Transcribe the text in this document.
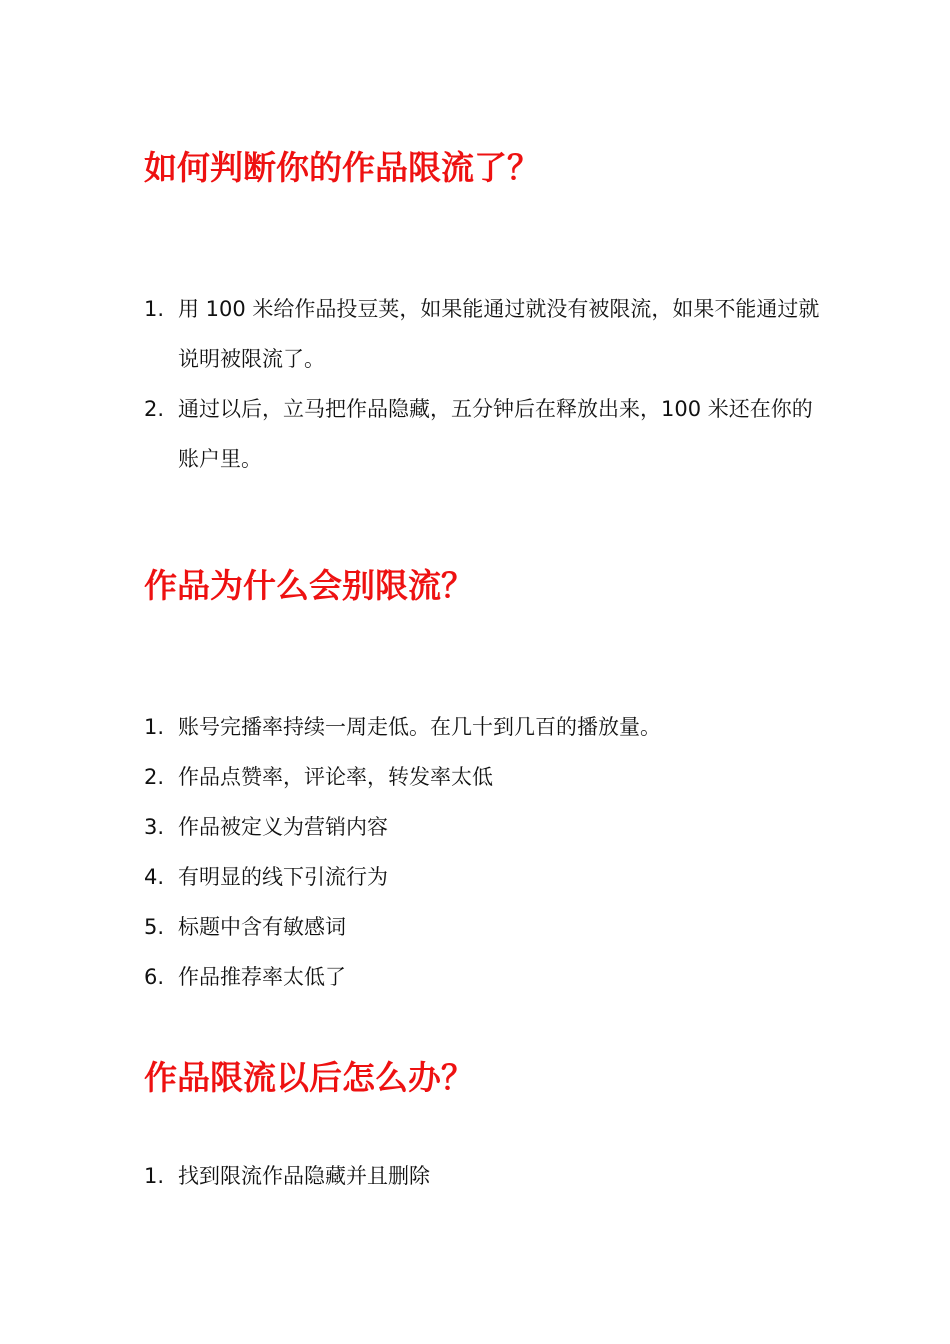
如何判断你的作品限流了？
1. 用 100 米给作品投豆荚，如果能通过就没有被限流，如果不能通过就说明被限流了。
2. 通过以后，立马把作品隐藏，五分钟后在释放出来，100 米还在你的账户里。
作品为什么会别限流？
1. 账号完播率持续一周走低。在几十到几百的播放量。
2. 作品点赞率，评论率，转发率太低
3. 作品被定义为营销内容
4. 有明显的线下引流行为
5. 标题中含有敏感词
6. 作品推荐率太低了
作品限流以后怎么办？
1. 找到限流作品隐藏并且删除
